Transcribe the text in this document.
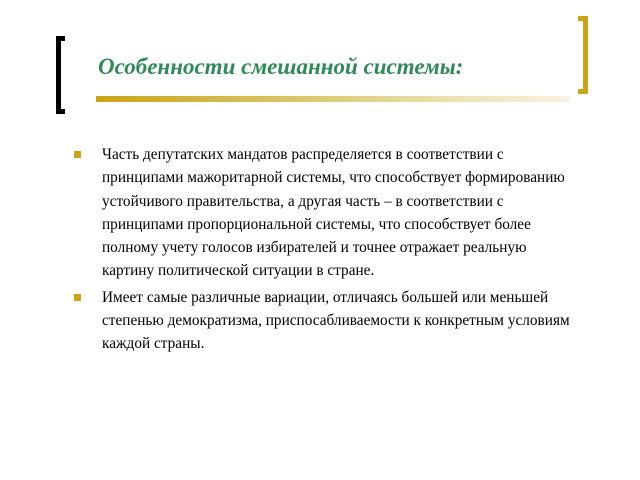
Особенности смешанной системы:
Часть депутатских мандатов распределяется в соответствии с принципами мажоритарной системы, что способствует формированию устойчивого правительства, а другая часть – в соответствии с принципами пропорциональной системы, что способствует более полному учету голосов избирателей и точнее отражает реальную картину политической ситуации в стране.
Имеет самые различные вариации, отличаясь большей или меньшей степенью демократизма, приспосабливаемости к конкретным условиям каждой страны.
